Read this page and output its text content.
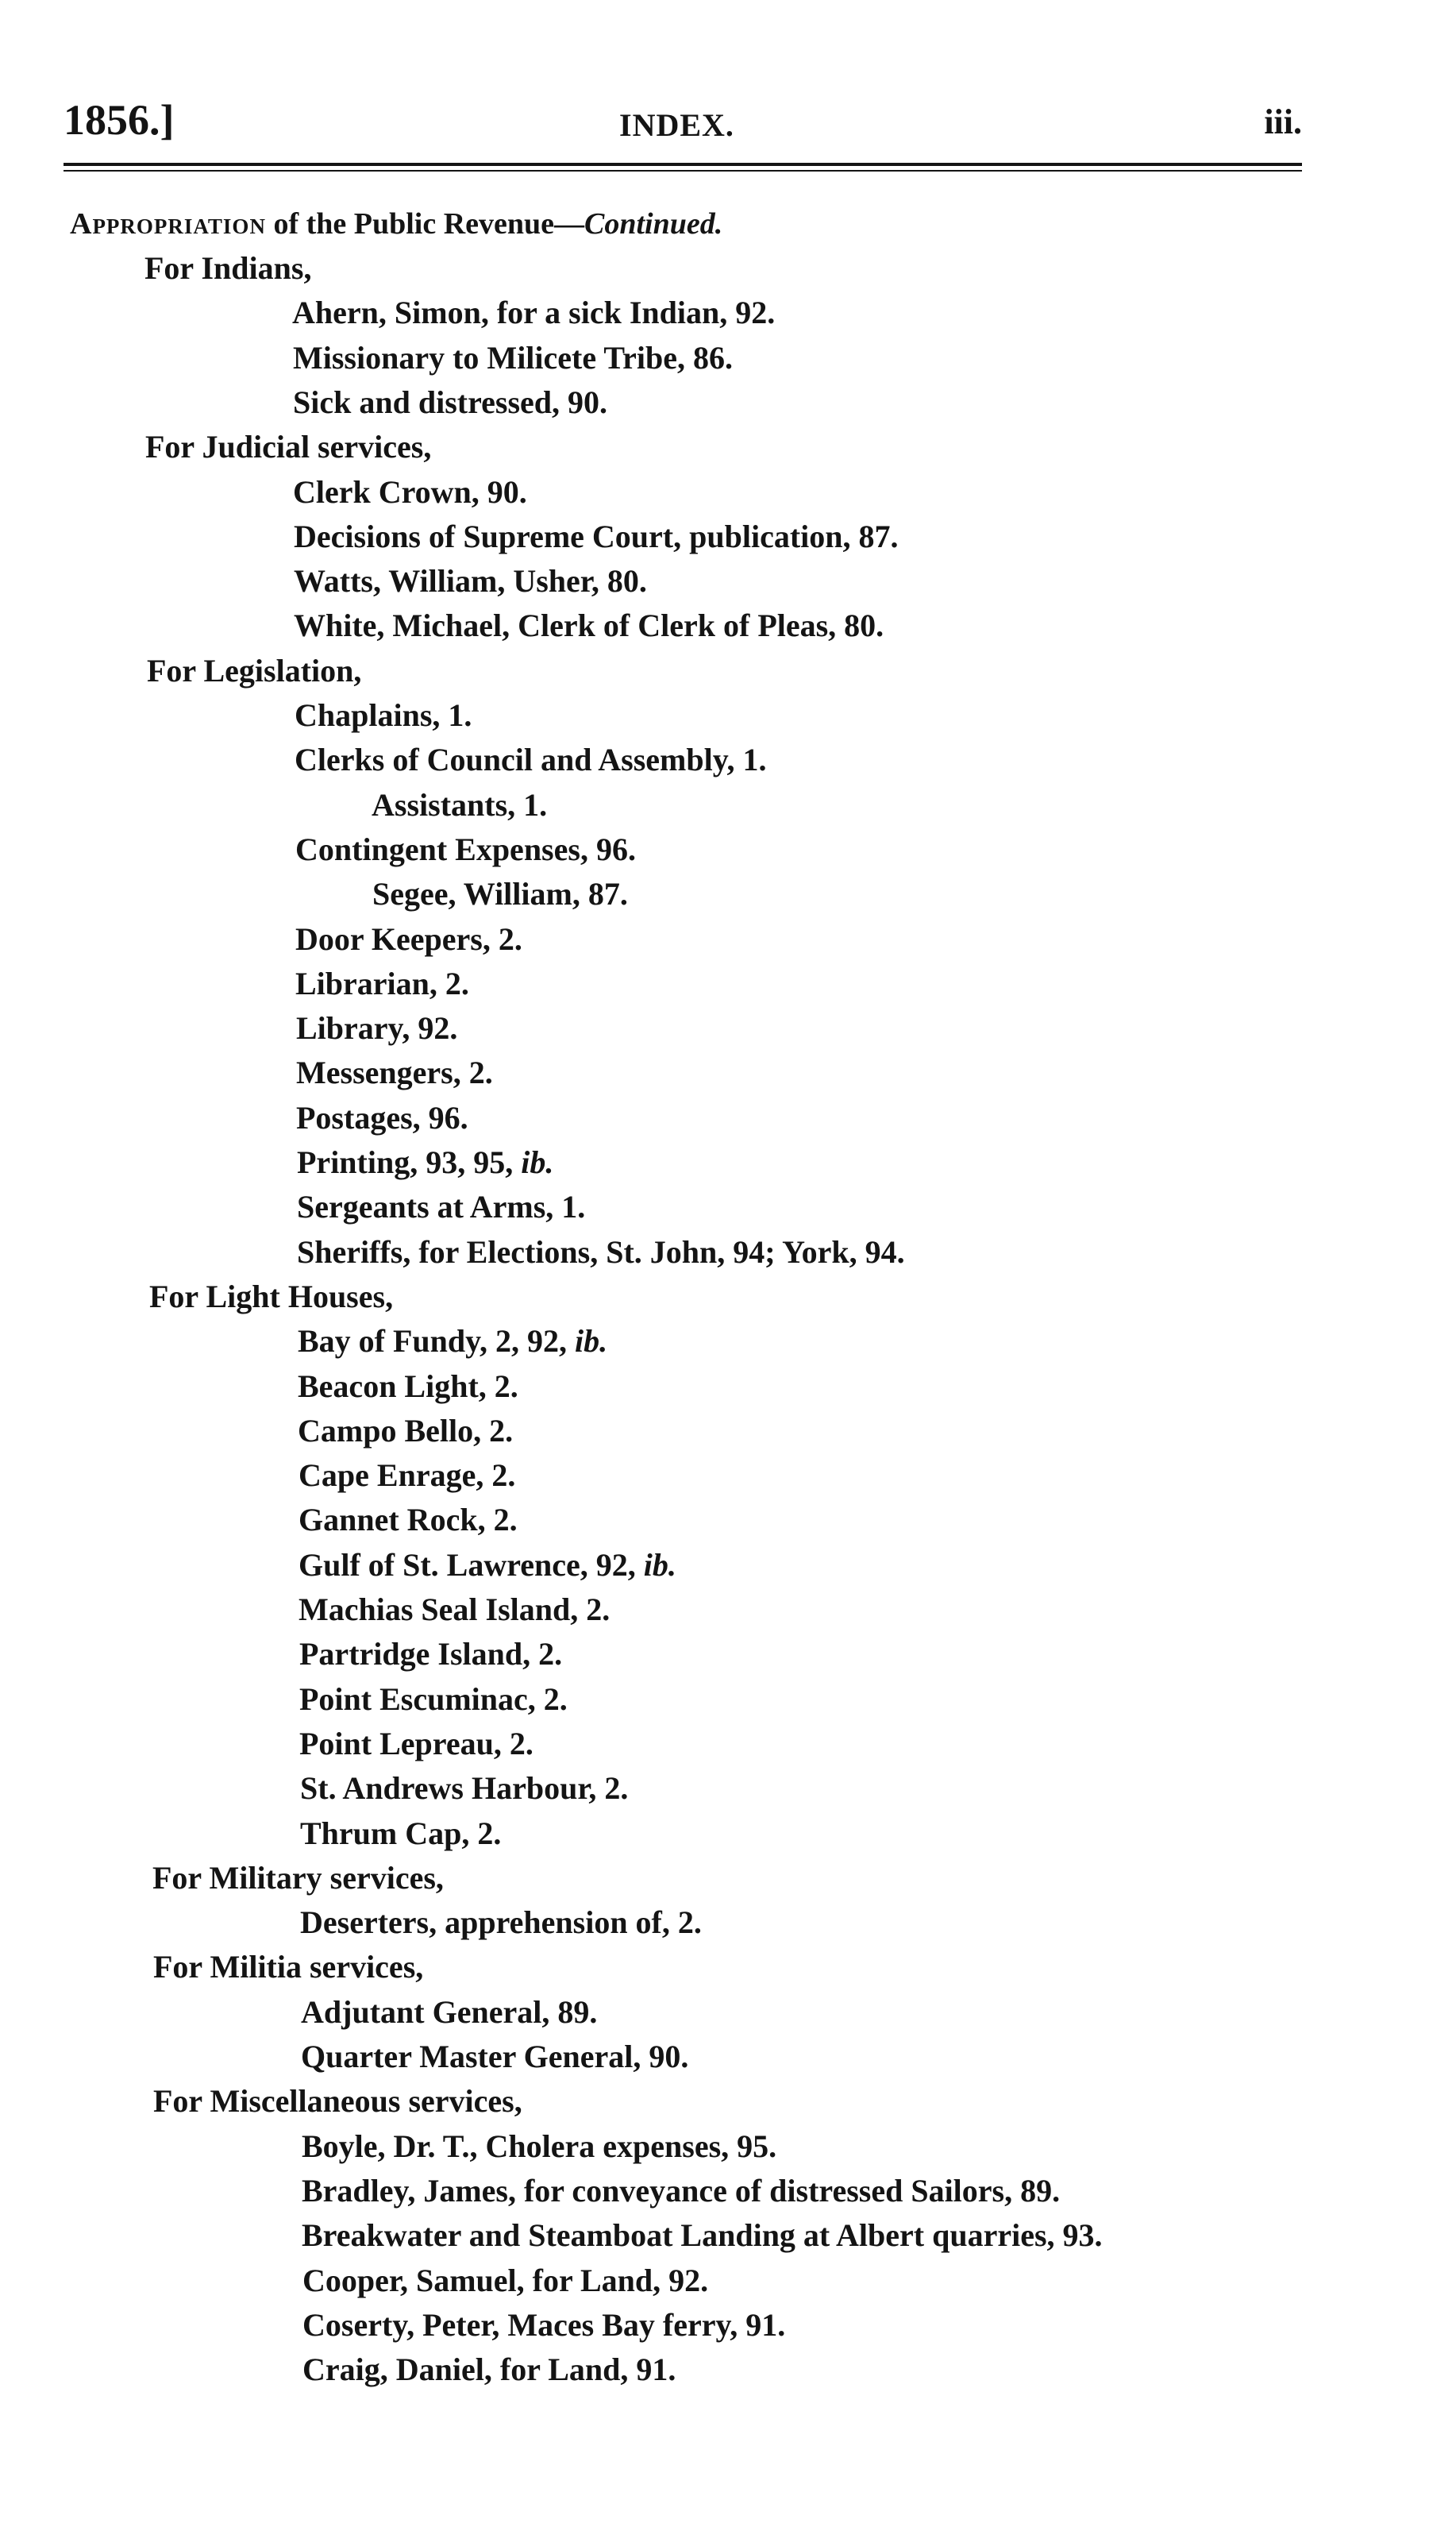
1856.]	INDEX.	iii.
Appropriation of the Public Revenue—Continued.
For Indians,
Ahern, Simon, for a sick Indian, 92.
Missionary to Milicete Tribe, 86.
Sick and distressed, 90.
For Judicial services,
Clerk Crown, 90.
Decisions of Supreme Court, publication, 87.
Watts, William, Usher, 80.
White, Michael, Clerk of Clerk of Pleas, 80.
For Legislation,
Chaplains, 1.
Clerks of Council and Assembly, 1.
Assistants, 1.
Contingent Expenses, 96.
Segee, William, 87.
Door Keepers, 2.
Librarian, 2.
Library, 92.
Messengers, 2.
Postages, 96.
Printing, 93, 95, ib.
Sergeants at Arms, 1.
Sheriffs, for Elections, St. John, 94; York, 94.
For Light Houses,
Bay of Fundy, 2, 92, ib.
Beacon Light, 2.
Campo Bello, 2.
Cape Enrage, 2.
Gannet Rock, 2.
Gulf of St. Lawrence, 92, ib.
Machias Seal Island, 2.
Partridge Island, 2.
Point Escuminac, 2.
Point Lepreau, 2.
St. Andrews Harbour, 2.
Thrum Cap, 2.
For Military services,
Deserters, apprehension of, 2.
For Militia services,
Adjutant General, 89.
Quarter Master General, 90.
For Miscellaneous services,
Boyle, Dr. T., Cholera expenses, 95.
Bradley, James, for conveyance of distressed Sailors, 89.
Breakwater and Steamboat Landing at Albert quarries, 93.
Cooper, Samuel, for Land, 92.
Coserty, Peter, Maces Bay ferry, 91.
Craig, Daniel, for Land, 91.
